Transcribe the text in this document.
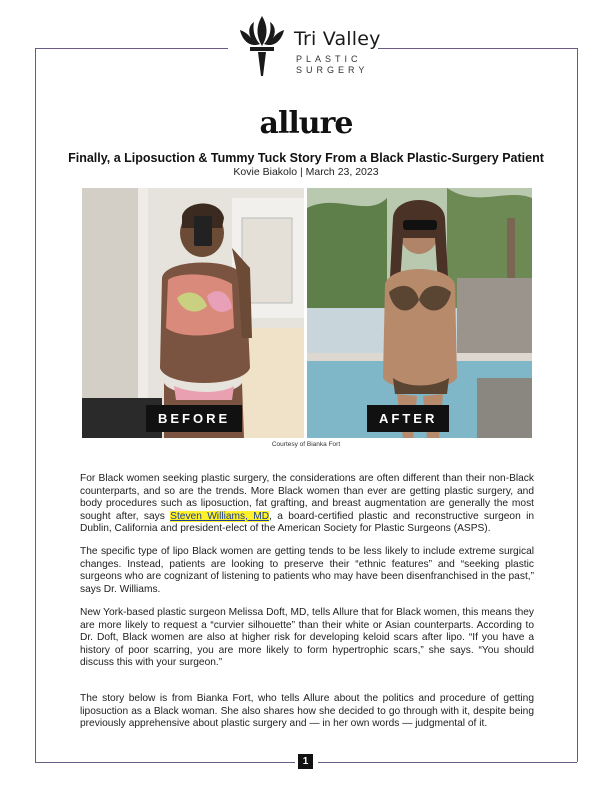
Tri Valley
PLASTIC
SURGERY
allure
Finally, a Liposuction & Tummy Tuck Story From a Black Plastic-Surgery Patient
Kovie Biakolo | March 23, 2023
BEFORE	AFTER
Courtesy of Bianka Fort

For Black women seeking plastic surgery, the considerations are often different than their non-Black counterparts, and so are the trends. More Black women than ever are getting plastic surgery, and body procedures such as liposuction, fat grafting, and breast augmentation are generally the most sought after, says Steven Williams, MD, a board-certified plastic and reconstructive surgeon in Dublin, California and president-elect of the American Society for Plastic Surgeons (ASPS).

The specific type of lipo Black women are getting tends to be less likely to include extreme surgical changes. Instead, patients are looking to preserve their “ethnic features” and “seeking plastic surgeons who are cognizant of listening to patients who may have been disenfranchised in the past,” says Dr. Williams.

New York-based plastic surgeon Melissa Doft, MD, tells Allure that for Black women, this means they are more likely to request a “curvier silhouette” than their white or Asian counterparts. According to Dr. Doft, Black women are also at higher risk for developing keloid scars after lipo. “If you have a history of poor scarring, you are more likely to form hypertrophic scars,” she says. “You should discuss this with your surgeon.”

The story below is from Bianka Fort, who tells Allure about the politics and procedure of getting liposuction as a Black woman. She also shares how she decided to go through with it, despite being previously apprehensive about plastic surgery and — in her own words — judgmental of it.

1
